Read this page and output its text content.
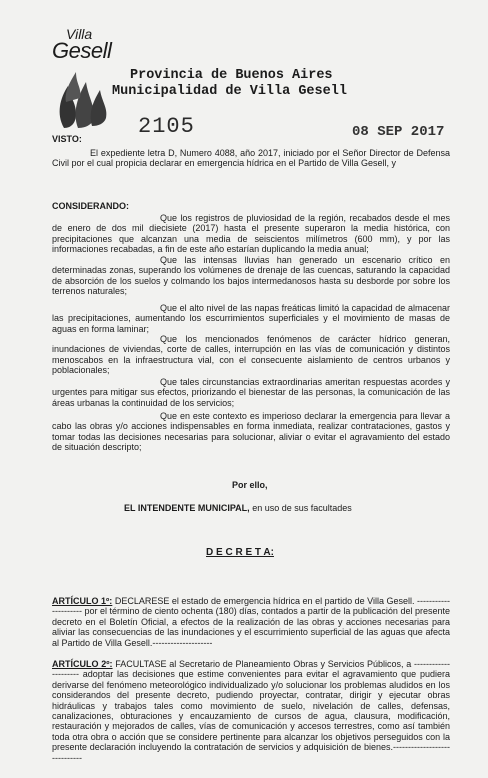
Villa
Gesell
Provincia de Buenos Aires
Municipalidad de Villa Gesell
2105	08 SEP 2017
VISTO:
El expediente letra D, Numero 4088, año 2017, iniciado por el Señor Director de Defensa Civil por el cual propicia declarar en emergencia hídrica en el Partido de Villa Gesell, y
CONSIDERANDO:
Que los registros de pluviosidad de la región, recabados desde el mes de enero de dos mil diecisiete (2017) hasta el presente superaron la media histórica, con precipitaciones que alcanzan una media de seiscientos milímetros (600 mm), y por las informaciones recabadas, a fin de este año estarían duplicando la media anual;
Que las intensas lluvias han generado un escenario crítico en determinadas zonas, superando los volúmenes de drenaje de las cuencas, saturando la capacidad de absorción de los suelos y colmando los bajos intermedanosos hasta su desborde por sobre los terrenos naturales;
Que el alto nivel de las napas freáticas limitó la capacidad de almacenar las precipitaciones, aumentando los escurrimientos superficiales y el movimiento de masas de aguas en forma laminar;
Que los mencionados fenómenos de carácter hídrico generan, inundaciones de viviendas, corte de calles, interrupción en las vías de comunicación y distintos menoscabos en la infraestructura vial, con el consecuente aislamiento de centros urbanos y poblacionales;
Que tales circunstancias extraordinarias ameritan respuestas acordes y urgentes para mitigar sus efectos, priorizando el bienestar de las personas, la comunicación de las áreas urbanas la continuidad de los servicios;
Que en este contexto es imperioso declarar la emergencia para llevar a cabo las obras y/o acciones indispensables en forma inmediata, realizar contrataciones, gastos y tomar todas las decisiones necesarias para solucionar, aliviar o evitar el agravamiento del estado de situación descripto;
Por ello,
EL INTENDENTE MUNICIPAL, en uso de sus facultades
D E C R E T A:
ARTÍCULO 1º: DECLARESE el estado de emergencia hídrica en el partido de Villa Gesell. --------------------- por el término de ciento ochenta (180) días, contados a partir de la publicación del presente decreto en el Boletín Oficial, a efectos de la realización de las obras y acciones necesarias para aliviar las consecuencias de las inundaciones y el escurrimiento superficial de las aguas que afecta al Partido de Villa Gesell.--------------------
ARTÍCULO 2º: FACULTASE al Secretario de Planeamiento Obras y Servicios Públicos, a --------------------- adoptar las decisiones que estime convenientes para evitar el agravamiento que pudiera derivarse del fenómeno meteorológico individualizado y/o solucionar los problemas aludidos en los considerandos del presente decreto, pudiendo proyectar, contratar, dirigir y ejecutar obras hidráulicas y trabajos tales como movimiento de suelo, nivelación de calles, defensas, canalizaciones, obturaciones y encauzamiento de cursos de agua, clausura, modificación, restauración y mejorados de calles, vías de comunicación y accesos terrestres, como así también toda otra obra o acción que se considere pertinente para alcanzar los objetivos perseguidos con la presente declaración incluyendo la contratación de servicios y adquisición de bienes.-----------------------------
